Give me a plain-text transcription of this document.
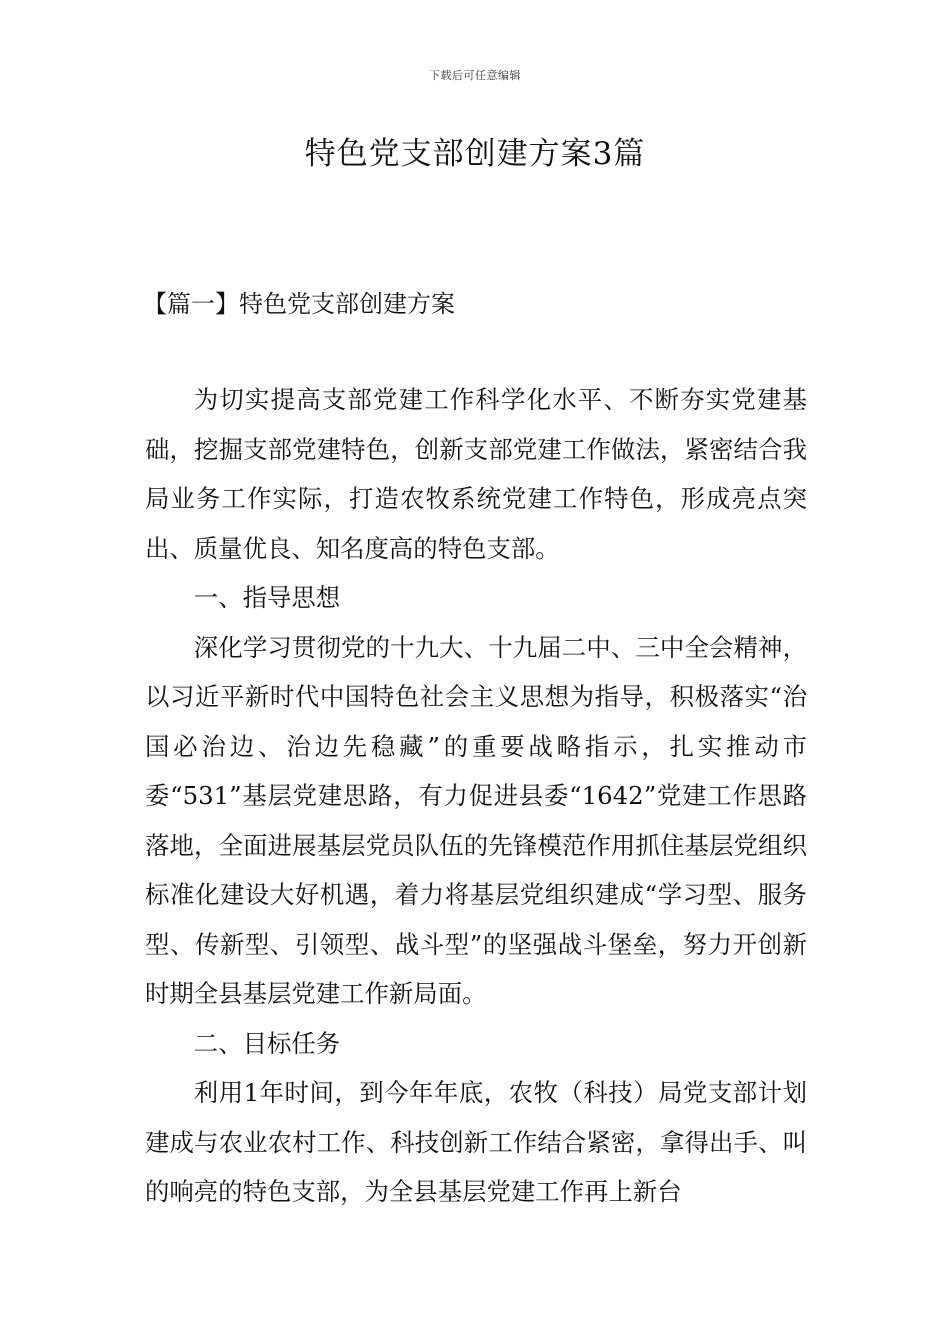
下载后可任意编辑
特色党支部创建方案3篇
【篇一】特色党支部创建方案

为切实提高支部党建工作科学化水平、不断夯实党建基础，挖掘支部党建特色，创新支部党建工作做法，紧密结合我局业务工作实际，打造农牧系统党建工作特色，形成亮点突出、质量优良、知名度高的特色支部。

一、指导思想

深化学习贯彻党的十九大、十九届二中、三中全会精神，以习近平新时代中国特色社会主义思想为指导，积极落实“治国必治边、治边先稳藏”的重要战略指示，扎实推动市委“531”基层党建思路，有力促进县委“1642”党建工作思路落地，全面进展基层党员队伍的先锋模范作用抓住基层党组织标准化建设大好机遇，着力将基层党组织建成“学习型、服务型、传新型、引领型、战斗型”的坚强战斗堡垒，努力开创新时期全县基层党建工作新局面。

二、目标任务

利用1年时间，到今年年底，农牧（科技）局党支部计划建成与农业农村工作、科技创新工作结合紧密，拿得出手、叫的响亮的特色支部，为全县基层党建工作再上新台
